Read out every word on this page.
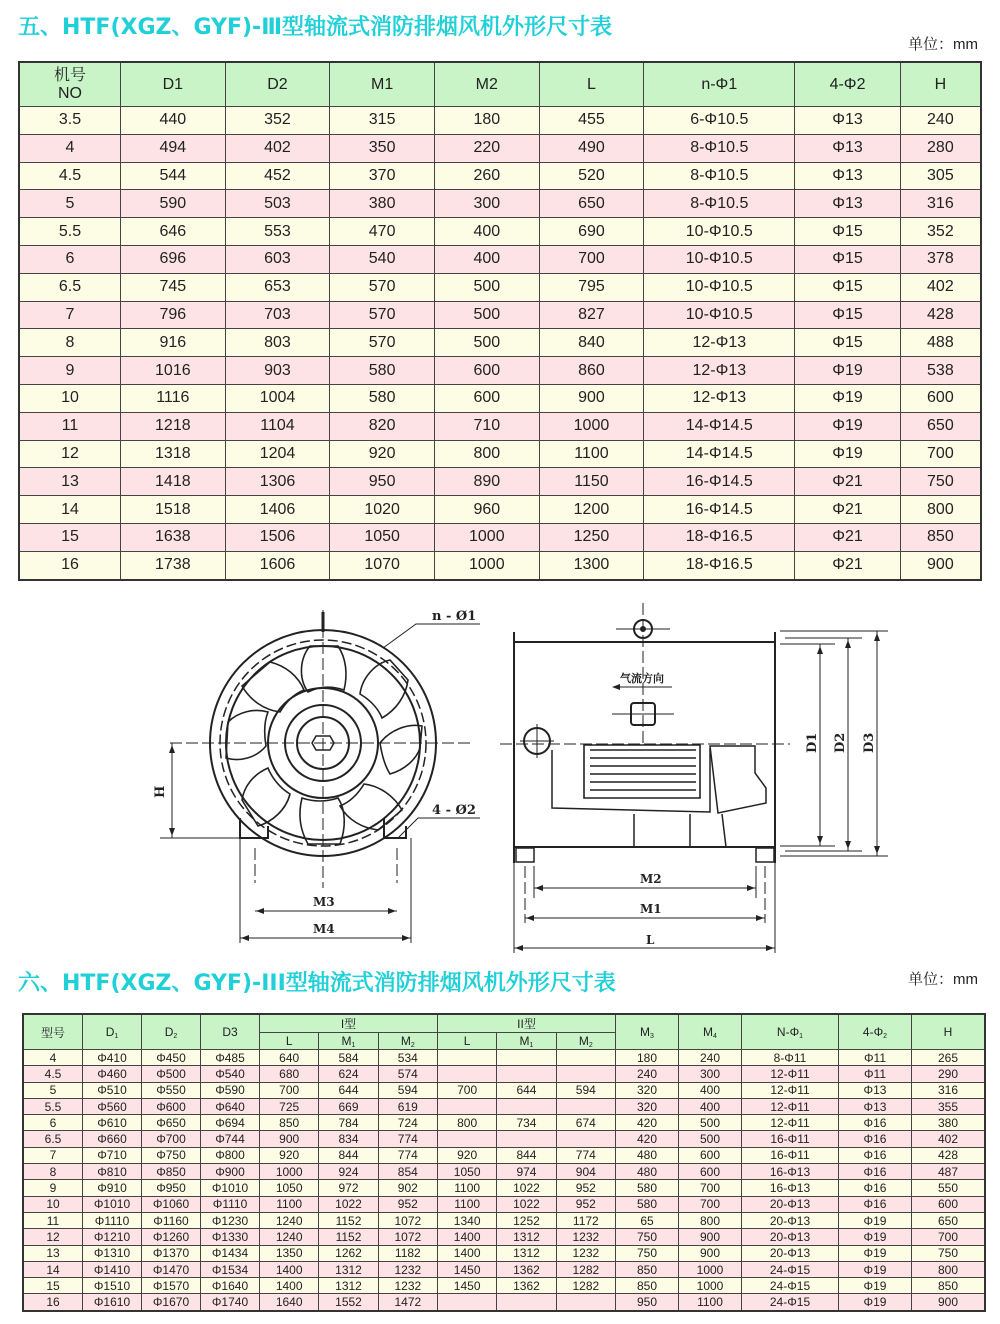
五、HTF(XGZ、GYF)-Ⅲ型轴流式消防排烟风机外形尺寸表
单位：mm
机号
NO	D1	D2	M1	M2	L	n-Φ1	4-Φ2	H
3.5	440	352	315	180	455	6-Φ10.5	Φ13	240
4	494	402	350	220	490	8-Φ10.5	Φ13	280
4.5	544	452	370	260	520	8-Φ10.5	Φ13	305
5	590	503	380	300	650	8-Φ10.5	Φ13	316
5.5	646	553	470	400	690	10-Φ10.5	Φ15	352
6	696	603	540	400	700	10-Φ10.5	Φ15	378
6.5	745	653	570	500	795	10-Φ10.5	Φ15	402
7	796	703	570	500	827	10-Φ10.5	Φ15	428
8	916	803	570	500	840	12-Φ13	Φ15	488
9	1016	903	580	600	860	12-Φ13	Φ19	538
10	1116	1004	580	600	900	12-Φ13	Φ19	600
11	1218	1104	820	710	1000	14-Φ14.5	Φ19	650
12	1318	1204	920	800	1100	14-Φ14.5	Φ19	700
13	1418	1306	950	890	1150	16-Φ14.5	Φ21	750
14	1518	1406	1020	960	1200	16-Φ14.5	Φ21	800
15	1638	1506	1050	1000	1250	18-Φ16.5	Φ21	850
16	1738	1606	1070	1000	1300	18-Φ16.5	Φ21	900
n - Ø1
4 - Ø2
H
M3
M4
气流方向
D1 D2 D3
M2
M1
L
六、HTF(XGZ、GYF)-III型轴流式消防排烟风机外形尺寸表	单位：mm
型号	$D_1$	$D_2$	D3	I型			II型			$M_3$	$M_4$	$N-\Phi_1$	$4-\Phi_2$	H
				L	$M_1$	$M_2$	L	$M_1$	$M_2$
4	Φ410	Φ450	Φ485	640	584	534				180	240	8-Φ11	Φ11	265
4.5	Φ460	Φ500	Φ540	680	624	574				240	300	12-Φ11	Φ11	290
5	Φ510	Φ550	Φ590	700	644	594	700	644	594	320	400	12-Φ11	Φ13	316
5.5	Φ560	Φ600	Φ640	725	669	619				320	400	12-Φ11	Φ13	355
6	Φ610	Φ650	Φ694	850	784	724	800	734	674	420	500	12-Φ11	Φ16	380
6.5	Φ660	Φ700	Φ744	900	834	774				420	500	16-Φ11	Φ16	402
7	Φ710	Φ750	Φ800	920	844	774	920	844	774	480	600	16-Φ11	Φ16	428
8	Φ810	Φ850	Φ900	1000	924	854	1050	974	904	480	600	16-Φ13	Φ16	487
9	Φ910	Φ950	Φ1010	1050	972	902	1100	1022	952	580	700	16-Φ13	Φ16	550
10	Φ1010	Φ1060	Φ1110	1100	1022	952	1100	1022	952	580	700	20-Φ13	Φ16	600
11	Φ1110	Φ1160	Φ1230	1240	1152	1072	1340	1252	1172	65	800	20-Φ13	Φ19	650
12	Φ1210	Φ1260	Φ1330	1240	1152	1072	1400	1312	1232	750	900	20-Φ13	Φ19	700
13	Φ1310	Φ1370	Φ1434	1350	1262	1182	1400	1312	1232	750	900	20-Φ13	Φ19	750
14	Φ1410	Φ1470	Φ1534	1400	1312	1232	1450	1362	1282	850	1000	24-Φ15	Φ19	800
15	Φ1510	Φ1570	Φ1640	1400	1312	1232	1450	1362	1282	850	1000	24-Φ15	Φ19	850
16	Φ1610	Φ1670	Φ1740	1640	1552	1472				950	1100	24-Φ15	Φ19	900
